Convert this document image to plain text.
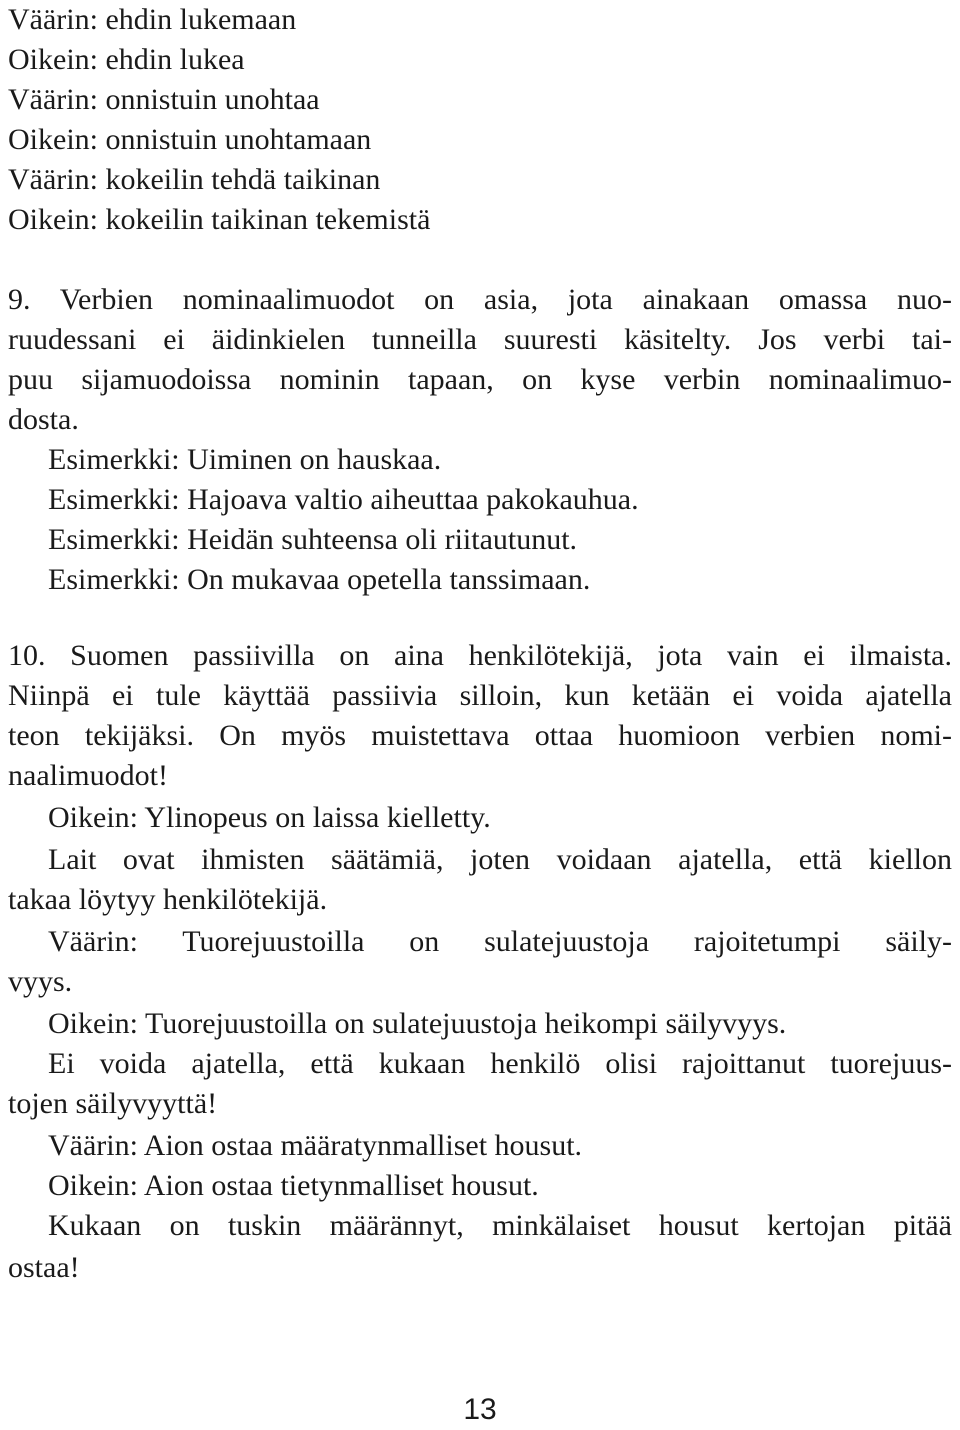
Väärin: ehdin lukemaan

Oikein: ehdin lukea

Väärin: onnistuin unohtaa

Oikein: onnistuin unohtamaan

Väärin: kokeilin tehdä taikinan

Oikein: kokeilin taikinan tekemistä

9. Verbien nominaalimuodot on asia, jota ainakaan omassa nuo-

ruudessani ei äidinkielen tunneilla suuresti käsitelty. Jos verbi tai-

puu sijamuodoissa nominin tapaan, on kyse verbin nominaalimuo-

dosta.

Esimerkki: Uiminen on hauskaa.

Esimerkki: Hajoava valtio aiheuttaa pakokauhua.

Esimerkki: Heidän suhteensa oli riitautunut.

Esimerkki: On mukavaa opetella tanssimaan.

10. Suomen passiivilla on aina henkilötekijä, jota vain ei ilmaista.

Niinpä ei tule käyttää passiivia silloin, kun ketään ei voida ajatella

teon tekijäksi. On myös muistettava ottaa huomioon verbien nomi-

naalimuodot!

Oikein: Ylinopeus on laissa kielletty.

Lait ovat ihmisten säätämiä, joten voidaan ajatella, että kiellon

takaa löytyy henkilötekijä.

Väärin: Tuorejuustoilla on sulatejuustoja rajoitetumpi säily-

vyys.

Oikein: Tuorejuustoilla on sulatejuustoja heikompi säilyvyys.

Ei voida ajatella, että kukaan henkilö olisi rajoittanut tuorejuus-

tojen säilyvyyttä!

Väärin: Aion ostaa määratynmalliset housut.

Oikein: Aion ostaa tietynmalliset housut.

Kukaan on tuskin määrännyt, minkälaiset housut kertojan pitää

ostaa!

13
